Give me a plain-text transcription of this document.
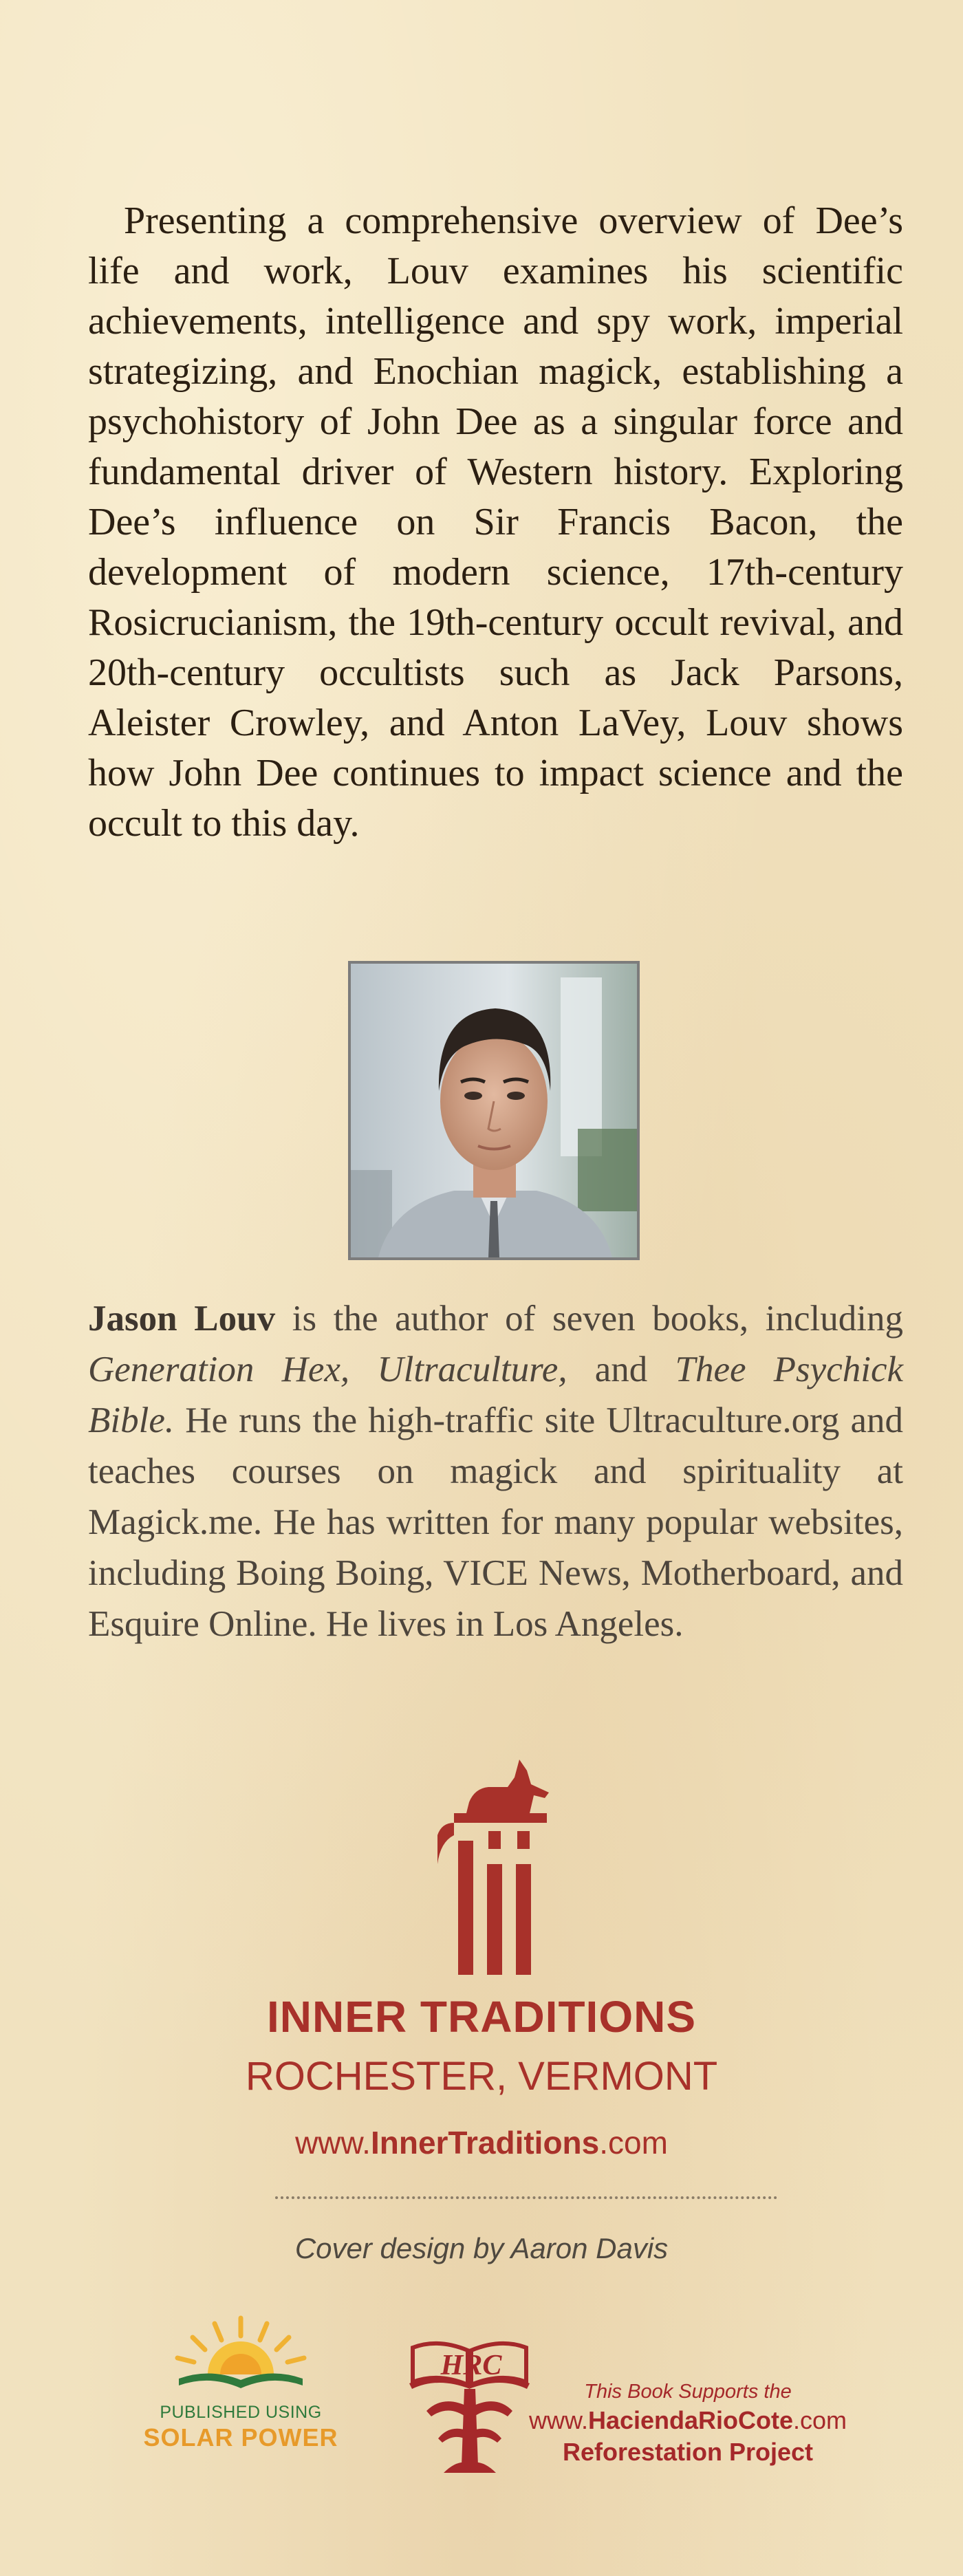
Presenting a comprehensive overview of Dee’s life and work, Louv examines his scientific achievements, intelligence and spy work, imperial strategizing, and Enochian magick, establishing a psychohistory of John Dee as a singular force and fundamental driver of Western history. Exploring Dee’s influence on Sir Francis Bacon, the development of modern science, 17th-century Rosicrucianism, the 19th-century occult revival, and 20th-century occultists such as Jack Parsons, Aleister Crowley, and Anton LaVey, Louv shows how John Dee continues to impact science and the occult to this day.

Jason Louv is the author of seven books, including Generation Hex, Ultraculture, and Thee Psychick Bible. He runs the high-traffic site Ultraculture.org and teaches courses on magick and spirituality at Magick.me. He has written for many popular websites, including Boing Boing, VICE News, Motherboard, and Esquire Online. He lives in Los Angeles.

INNER TRADITIONS
ROCHESTER, VERMONT
www.InnerTraditions.com
Cover design by Aaron Davis
PUBLISHED USING
SOLAR POWER
HRC
This Book Supports the
www.HaciendaRioCote.com
Reforestation Project
